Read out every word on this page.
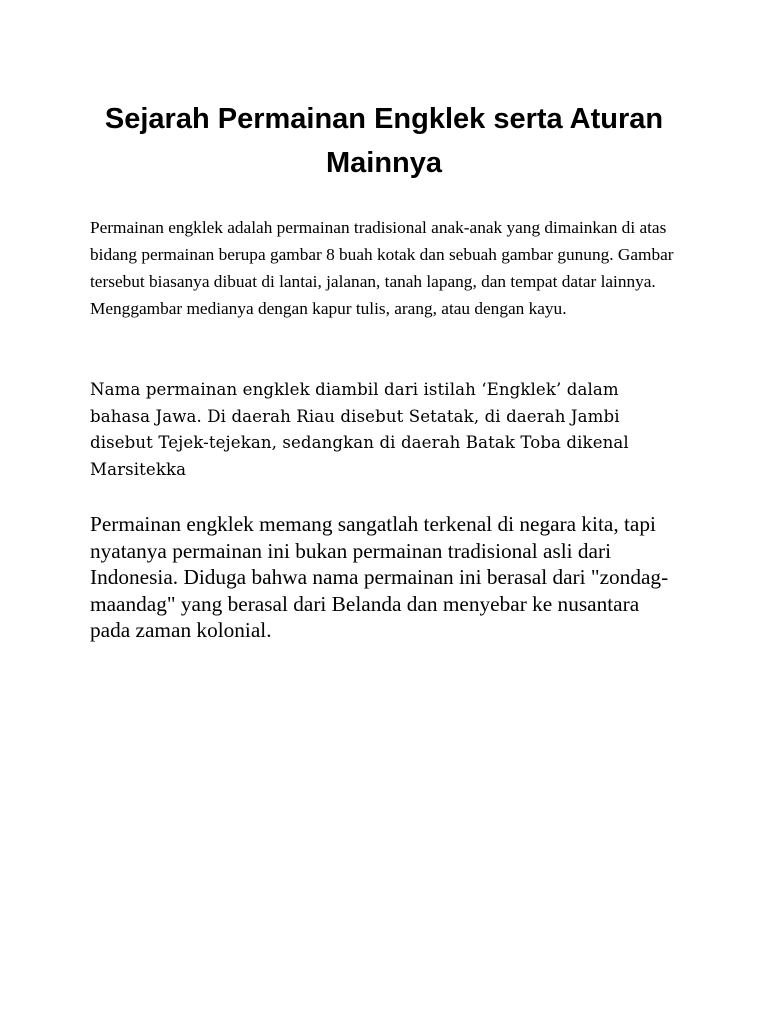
Sejarah Permainan Engklek serta Aturan Mainnya

Permainan engklek adalah permainan tradisional anak-anak yang dimainkan di atas bidang permainan berupa gambar 8 buah kotak dan sebuah gambar gunung. Gambar tersebut biasanya dibuat di lantai, jalanan, tanah lapang, dan tempat datar lainnya. Menggambar medianya dengan kapur tulis, arang, atau dengan kayu.

Nama permainan engklek diambil dari istilah ‘Engklek’ dalam bahasa Jawa. Di daerah Riau disebut Setatak, di daerah Jambi disebut Tejek-tejekan, sedangkan di daerah Batak Toba dikenal Marsitekka

Permainan engklek memang sangatlah terkenal di negara kita, tapi nyatanya permainan ini bukan permainan tradisional asli dari Indonesia. Diduga bahwa nama permainan ini berasal dari "zondag-maandag" yang berasal dari Belanda dan menyebar ke nusantara pada zaman kolonial.
